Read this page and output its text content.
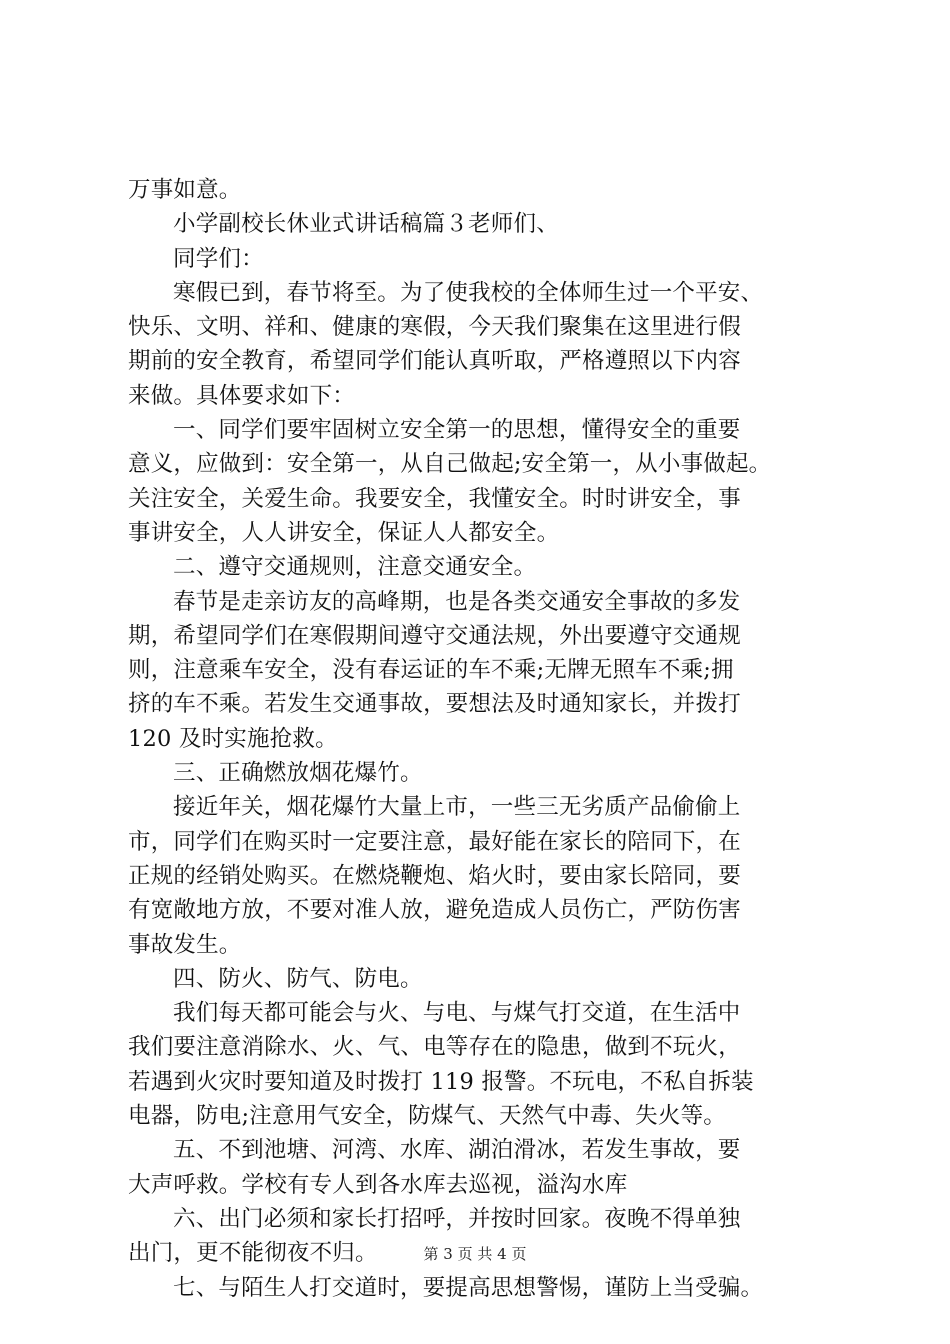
万事如意。
小学副校长休业式讲话稿篇３老师们、
同学们：
寒假已到，春节将至。为了使我校的全体师生过一个平安、
快乐、文明、祥和、健康的寒假，今天我们聚集在这里进行假
期前的安全教育，希望同学们能认真听取，严格遵照以下内容
来做。具体要求如下：
一、同学们要牢固树立安全第一的思想，懂得安全的重要
意义，应做到：安全第一，从自己做起;安全第一，从小事做起。
关注安全，关爱生命。我要安全，我懂安全。时时讲安全，事
事讲安全，人人讲安全，保证人人都安全。
二、遵守交通规则，注意交通安全。
春节是走亲访友的高峰期，也是各类交通安全事故的多发
期，希望同学们在寒假期间遵守交通法规，外出要遵守交通规
则，注意乘车安全，没有春运证的车不乘;无牌无照车不乘;拥
挤的车不乘。若发生交通事故，要想法及时通知家长，并拨打
120 及时实施抢救。
三、正确燃放烟花爆竹。
接近年关，烟花爆竹大量上市，一些三无劣质产品偷偷上
市，同学们在购买时一定要注意，最好能在家长的陪同下，在
正规的经销处购买。在燃烧鞭炮、焰火时，要由家长陪同，要
有宽敞地方放，不要对准人放，避免造成人员伤亡，严防伤害
事故发生。
四、防火、防气、防电。
我们每天都可能会与火、与电、与煤气打交道，在生活中
我们要注意消除水、火、气、电等存在的隐患，做到不玩火，
若遇到火灾时要知道及时拨打 119 报警。不玩电，不私自拆装
电器，防电;注意用气安全，防煤气、天然气中毒、失火等。
五、不到池塘、河湾、水库、湖泊滑冰，若发生事故，要
大声呼救。学校有专人到各水库去巡视，溢沟水库
六、出门必须和家长打招呼，并按时回家。夜晚不得单独
出门，更不能彻夜不归。
七、与陌生人打交道时，要提高思想警惕，谨防上当受骗。
第 3 页 共 4 页
